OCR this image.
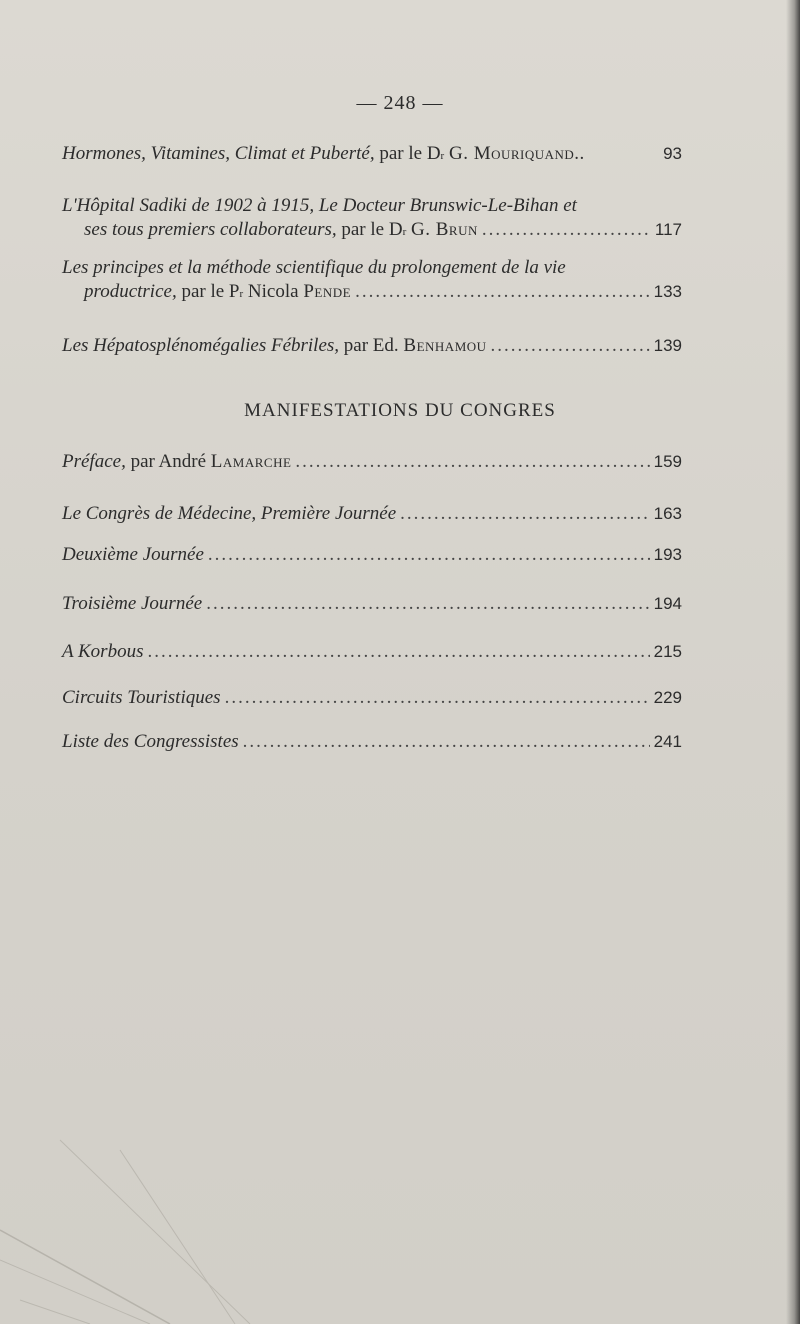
— 248 —
Hormones, Vitamines, Climat et Puberté,
par le D r
G. Mouriquand..	93
L'Hôpital Sadiki de 1902 à 1915, Le Docteur Brunswic-Le-Bihan et
ses tous premiers collaborateurs,
par le D r
G. Brun .....	117
Les principes et la méthode scientifique du prolongement de la vie
productrice,
par le P r
Nicola
Pende .....	133
Les Hépatosplénomégalies Fébriles,
par Ed.
Benhamou .....	139
MANIFESTATIONS DU CONGRES
Préface,
par André
Lamarche .....	159
Le Congrès de Médecine, Première Journée .....	163
Deuxième Journée .....	193
Troisième Journée .....	194
A Korbous .....	215
Circuits Touristiques .....	229
Liste des Congressistes .....	241
